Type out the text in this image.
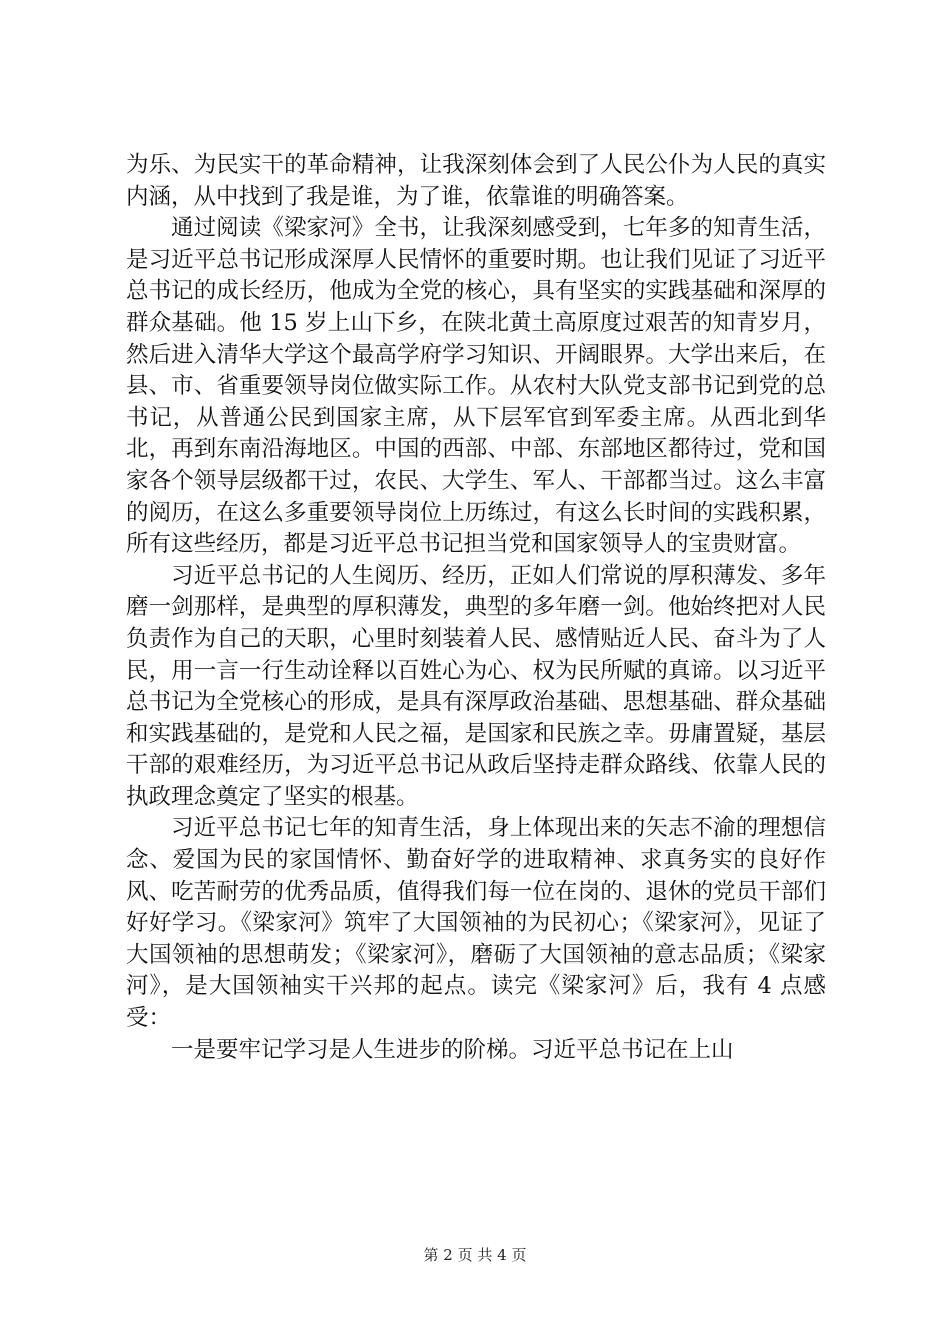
为乐、为民实干的革命精神，让我深刻体会到了人民公仆为人民的真实内涵，从中找到了我是谁，为了谁，依靠谁的明确答案。

通过阅读《梁家河》全书，让我深刻感受到，七年多的知青生活，是习近平总书记形成深厚人民情怀的重要时期。也让我们见证了习近平总书记的成长经历，他成为全党的核心，具有坚实的实践基础和深厚的群众基础。他 15 岁上山下乡，在陕北黄土高原度过艰苦的知青岁月，然后进入清华大学这个最高学府学习知识、开阔眼界。大学出来后，在县、市、省重要领导岗位做实际工作。从农村大队党支部书记到党的总书记，从普通公民到国家主席，从下层军官到军委主席。从西北到华北，再到东南沿海地区。中国的西部、中部、东部地区都待过，党和国家各个领导层级都干过，农民、大学生、军人、干部都当过。这么丰富的阅历，在这么多重要领导岗位上历练过，有这么长时间的实践积累，所有这些经历，都是习近平总书记担当党和国家领导人的宝贵财富。

习近平总书记的人生阅历、经历，正如人们常说的厚积薄发、多年磨一剑那样，是典型的厚积薄发，典型的多年磨一剑。他始终把对人民负责作为自己的天职，心里时刻装着人民、感情贴近人民、奋斗为了人民，用一言一行生动诠释以百姓心为心、权为民所赋的真谛。以习近平总书记为全党核心的形成，是具有深厚政治基础、思想基础、群众基础和实践基础的，是党和人民之福，是国家和民族之幸。毋庸置疑，基层干部的艰难经历，为习近平总书记从政后坚持走群众路线、依靠人民的执政理念奠定了坚实的根基。

习近平总书记七年的知青生活，身上体现出来的矢志不渝的理想信念、爱国为民的家国情怀、勤奋好学的进取精神、求真务实的良好作风、吃苦耐劳的优秀品质，值得我们每一位在岗的、退休的党员干部们好好学习。《梁家河》筑牢了大国领袖的为民初心；《梁家河》，见证了大国领袖的思想萌发；《梁家河》，磨砺了大国领袖的意志品质；《梁家河》，是大国领袖实干兴邦的起点。读完《梁家河》后，我有 4 点感受：

一是要牢记学习是人生进步的阶梯。习近平总书记在上山

第 2 页 共 4 页
